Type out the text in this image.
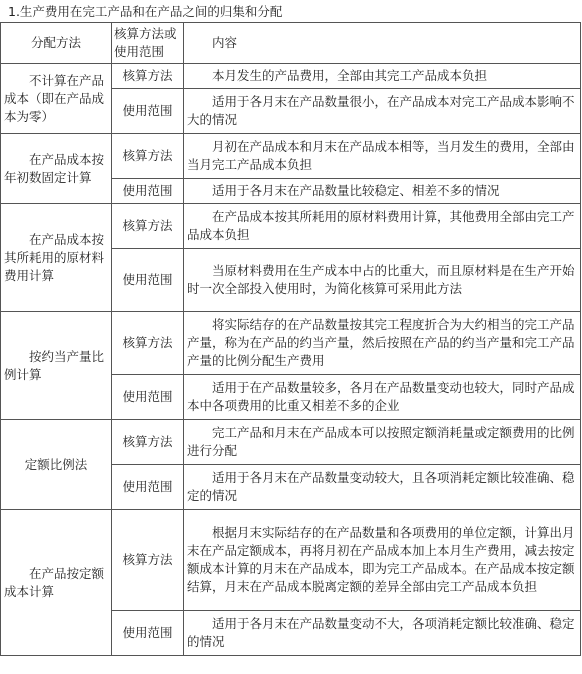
1.生产费用在完工产品和在产品之间的归集和分配
分配方法	核算方法或使用范围	内容
不计算在产品成本（即在产品成本为零）	核算方法	本月发生的产品费用，全部由其完工产品成本负担
	使用范围	适用于各月末在产品数量很小，在产品成本对完工产品成本影响不大的情况
在产品成本按年初数固定计算	核算方法	月初在产品成本和月末在产品成本相等，当月发生的费用，全部由当月完工产品成本负担
	使用范围	适用于各月末在产品数量比较稳定、相差不多的情况
在产品成本按其所耗用的原材料费用计算	核算方法	在产品成本按其所耗用的原材料费用计算，其他费用全部由完工产品成本负担
	使用范围	当原材料费用在生产成本中占的比重大，而且原材料是在生产开始时一次全部投入使用时，为简化核算可采用此方法
按约当产量比例计算	核算方法	将实际结存的在产品数量按其完工程度折合为大约相当的完工产品产量，称为在产品的约当产量，然后按照在产品的约当产量和完工产品产量的比例分配生产费用
	使用范围	适用于在产品数量较多，各月在产品数量变动也较大，同时产品成本中各项费用的比重又相差不多的企业
定额比例法	核算方法	完工产品和月末在产品成本可以按照定额消耗量或定额费用的比例进行分配
	使用范围	适用于各月末在产品数量变动较大，且各项消耗定额比较准确、稳定的情况
在产品按定额成本计算	核算方法	根据月末实际结存的在产品数量和各项费用的单位定额，计算出月末在产品定额成本，再将月初在产品成本加上本月生产费用，减去按定额成本计算的月末在产品成本，即为完工产品成本。在产品成本按定额结算，月末在产品成本脱离定额的差异全部由完工产品成本负担
	使用范围	适用于各月末在产品数量变动不大，各项消耗定额比较准确、稳定的情况
